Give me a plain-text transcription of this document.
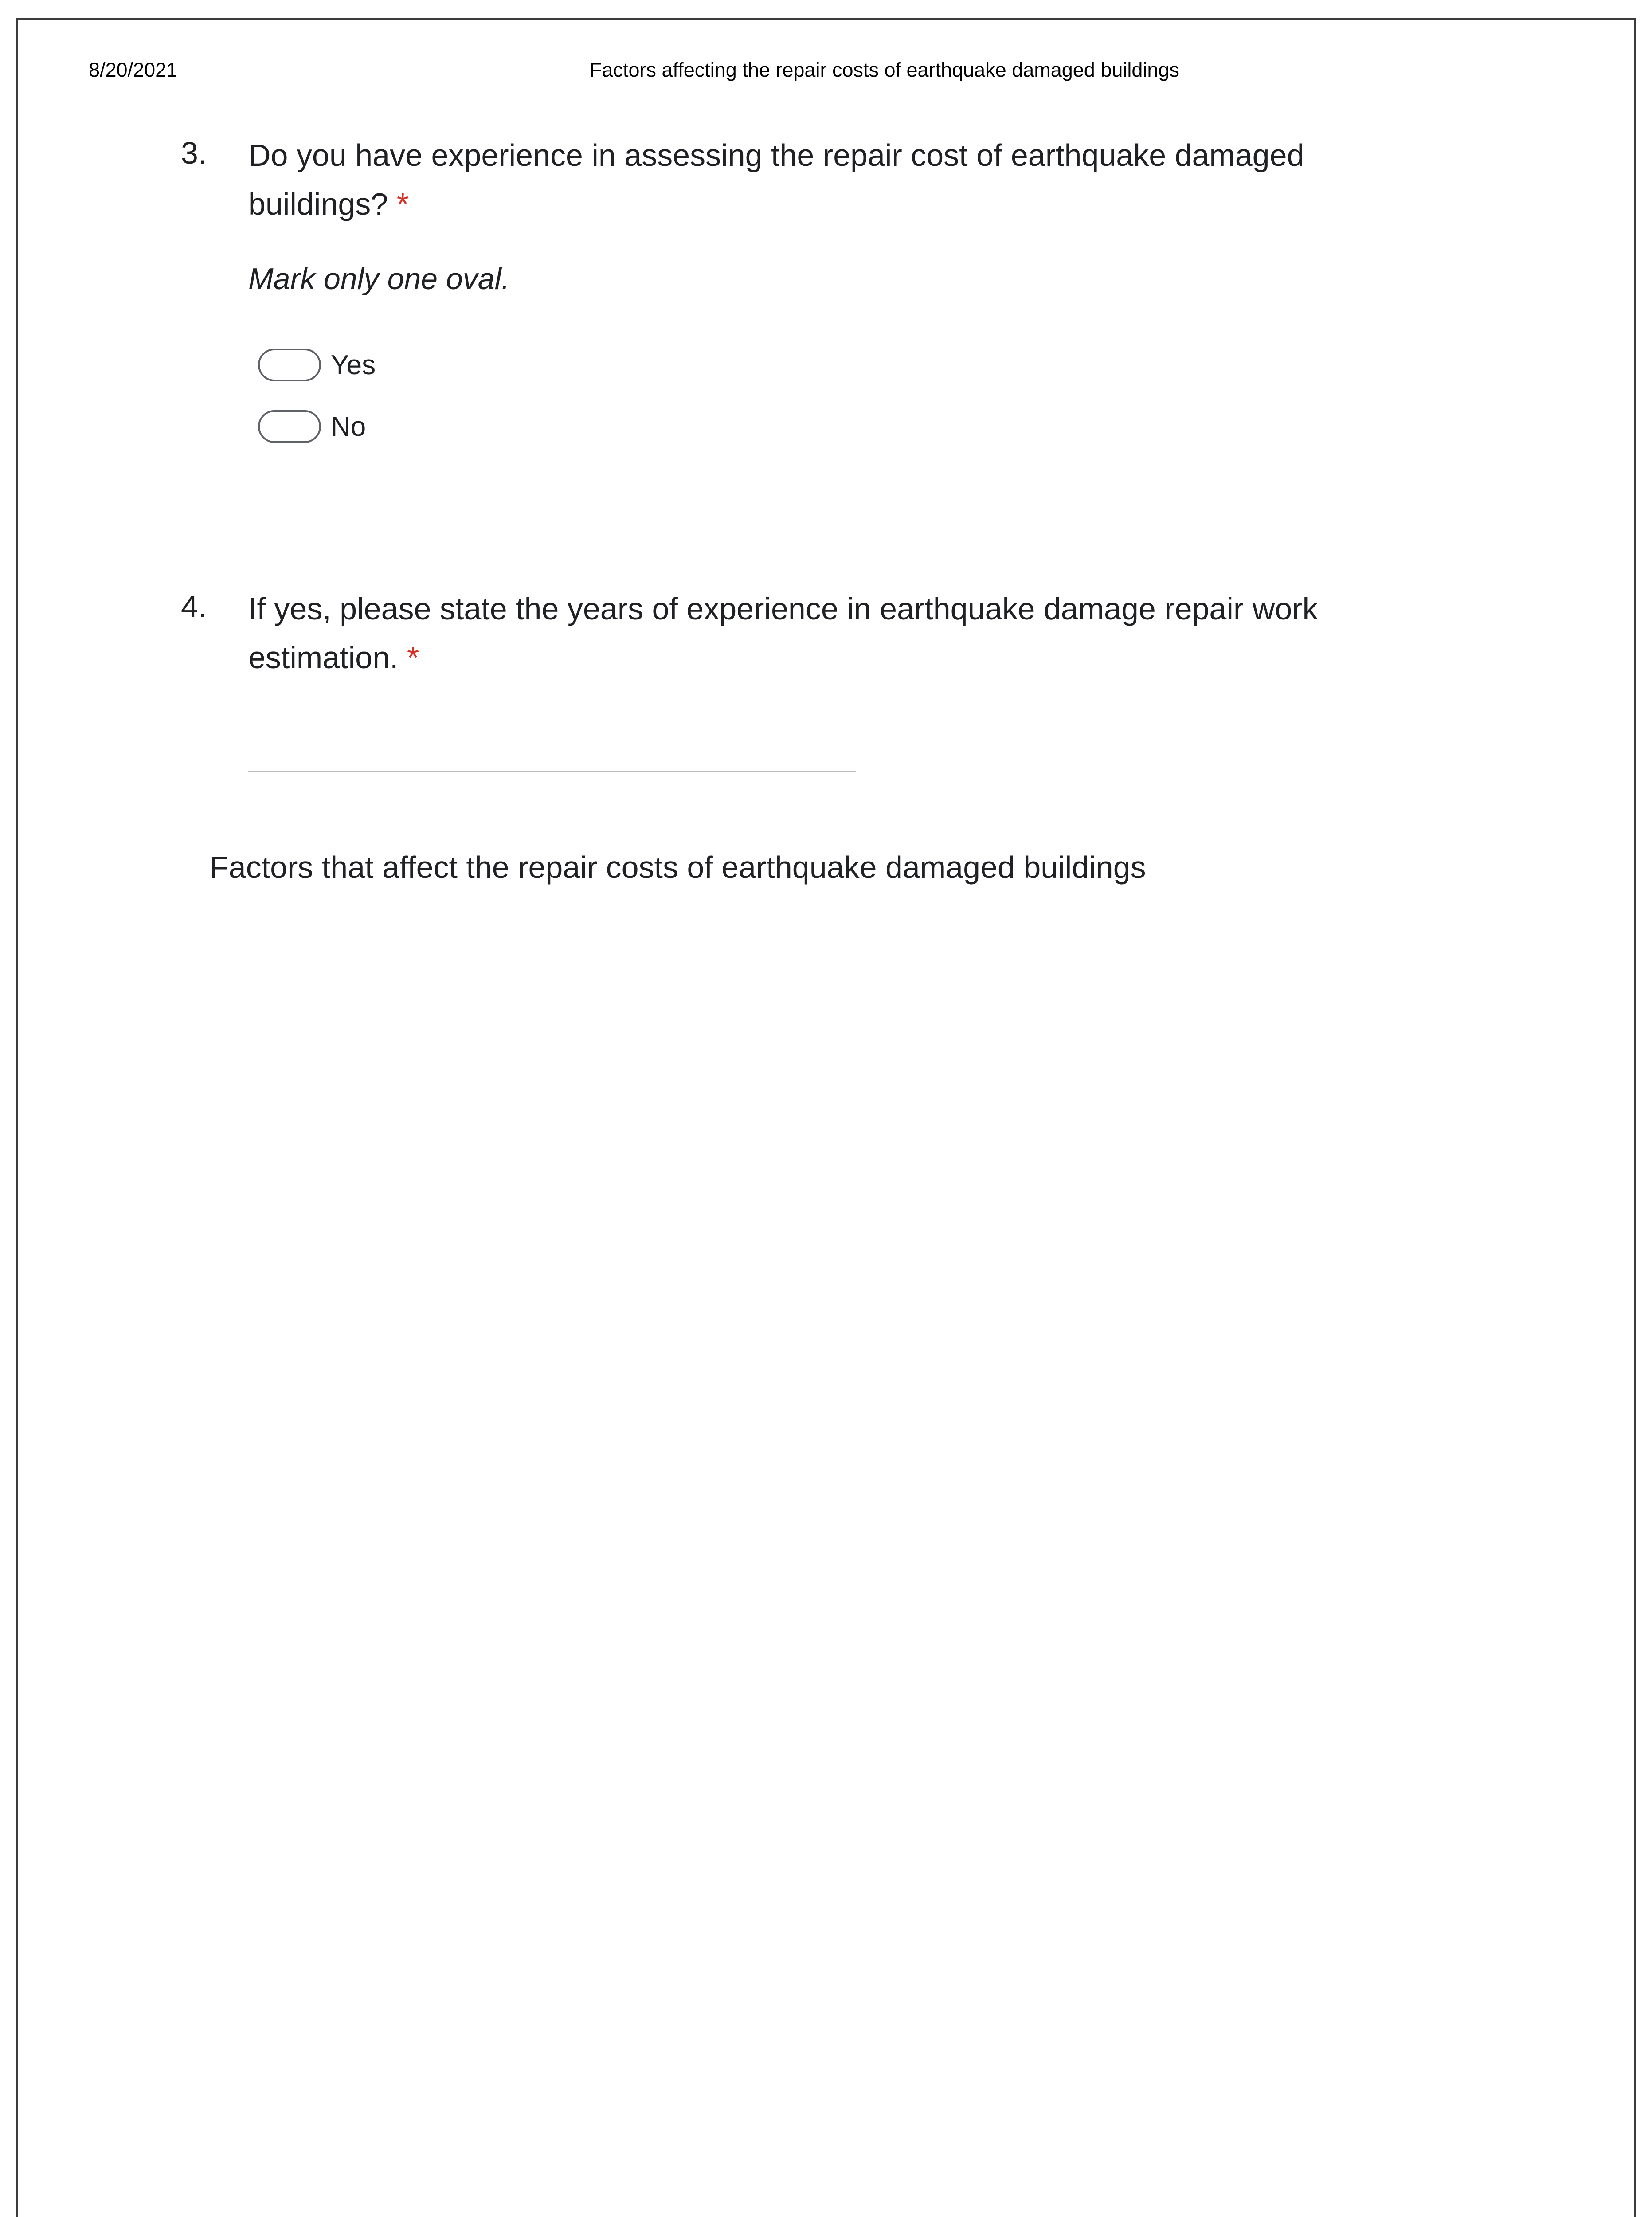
8/20/2021	Factors affecting the repair costs of earthquake damaged buildings
3. Do you have experience in assessing the repair cost of earthquake damaged
buildings? *
Mark only one oval.
Yes
No
4. If yes, please state the years of experience in earthquake damage repair work
estimation. *
Factors that affect the repair costs of earthquake damaged buildings
